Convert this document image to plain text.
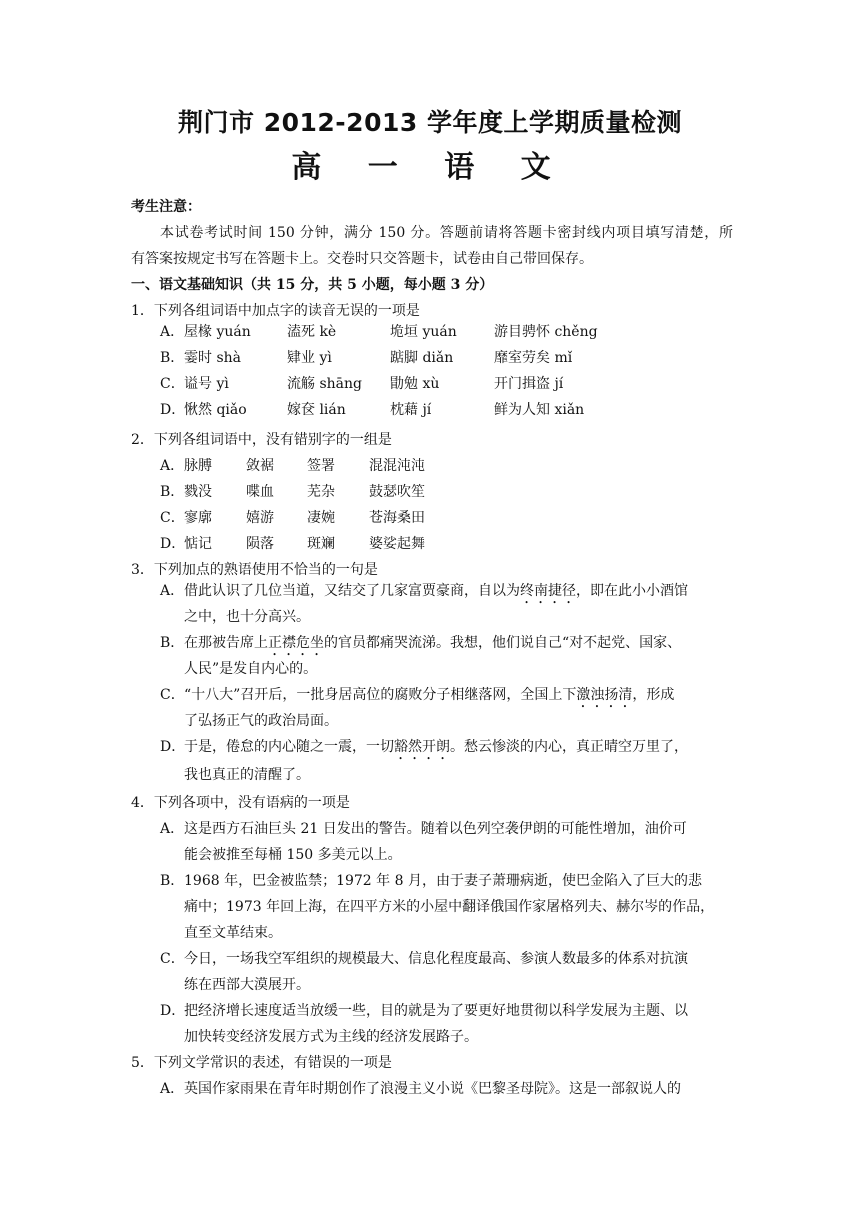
荆门市 2012-2013 学年度上学期质量检测
高 一 语 文
考生注意：
本试卷考试时间 150 分钟，满分 150 分。答题前请将答题卡密封线内项目填写清楚，所
有答案按规定书写在答题卡上。交卷时只交答题卡，试卷由自己带回保存。
一、语文基础知识（共 15 分，共 5 小题，每小题 3 分）
1．下列各组词语中加点字的读音无误的一项是
A． 屋椽 yuán	溘死 kè	垝垣 yuán	游目骋怀 chěng
B． 霎时 shà	肄业 yì	踮脚 diǎn	靡室劳矣 mǐ
C． 谥号 yì	流觞 shāng 勖勉 xù	开门揖盗 jí
D．
愀然 qiǎo	嫁奁 lián	枕藉 jí	鲜为人知 xiǎn
2．下列各组词语中，没有错别字的一组是
A． 脉膊 敛裾 签署 混混沌沌
B． 戮没 喋血 芜杂 鼓瑟吹笙
C． 寥廓 嬉游 凄婉 苍海桑田
D．
惦记 陨落 斑斓 婆娑起舞
3．下列加点的熟语使用不恰当的一句是
A． 借此认识了几位当道，又结交了几家富贾豪商，自以为终南捷径，即在此小小酒馆
之中，也十分高兴。
B． 在那被告席上正襟危坐的官员都痛哭流涕。我想，他们说自己“对不起党、国家、
人民”是发自内心的。
C． “十八大”召开后，一批身居高位的腐败分子相继落网，全国上下激浊扬清，形成
了弘扬正气的政治局面。
D．
于是，倦怠的内心随之一震，一切豁然开朗。愁云惨淡的内心，真正晴空万里了，
我也真正的清醒了。
4．下列各项中，没有语病的一项是
A． 这是西方石油巨头 21 日发出的警告。随着以色列空袭伊朗的可能性增加，油价可
能会被推至每桶 150 多美元以上。
B． 1968 年，巴金被监禁；1972 年 8 月，由于妻子萧珊病逝，使巴金陷入了巨大的悲
痛中；1973 年回上海，在四平方米的小屋中翻译俄国作家屠格列夫、赫尔岑的作品，
直至文革结束。
C． 今日，一场我空军组织的规模最大、信息化程度最高、参演人数最多的体系对抗演
练在西部大漠展开。
D．
把经济增长速度适当放缓一些，目的就是为了要更好地贯彻以科学发展为主题、以
加快转变经济发展方式为主线的经济发展路子。
5．下列文学常识的表述，有错误的一项是
A． 英国作家雨果在青年时期创作了浪漫主义小说《巴黎圣母院》。这是一部叙说人的
